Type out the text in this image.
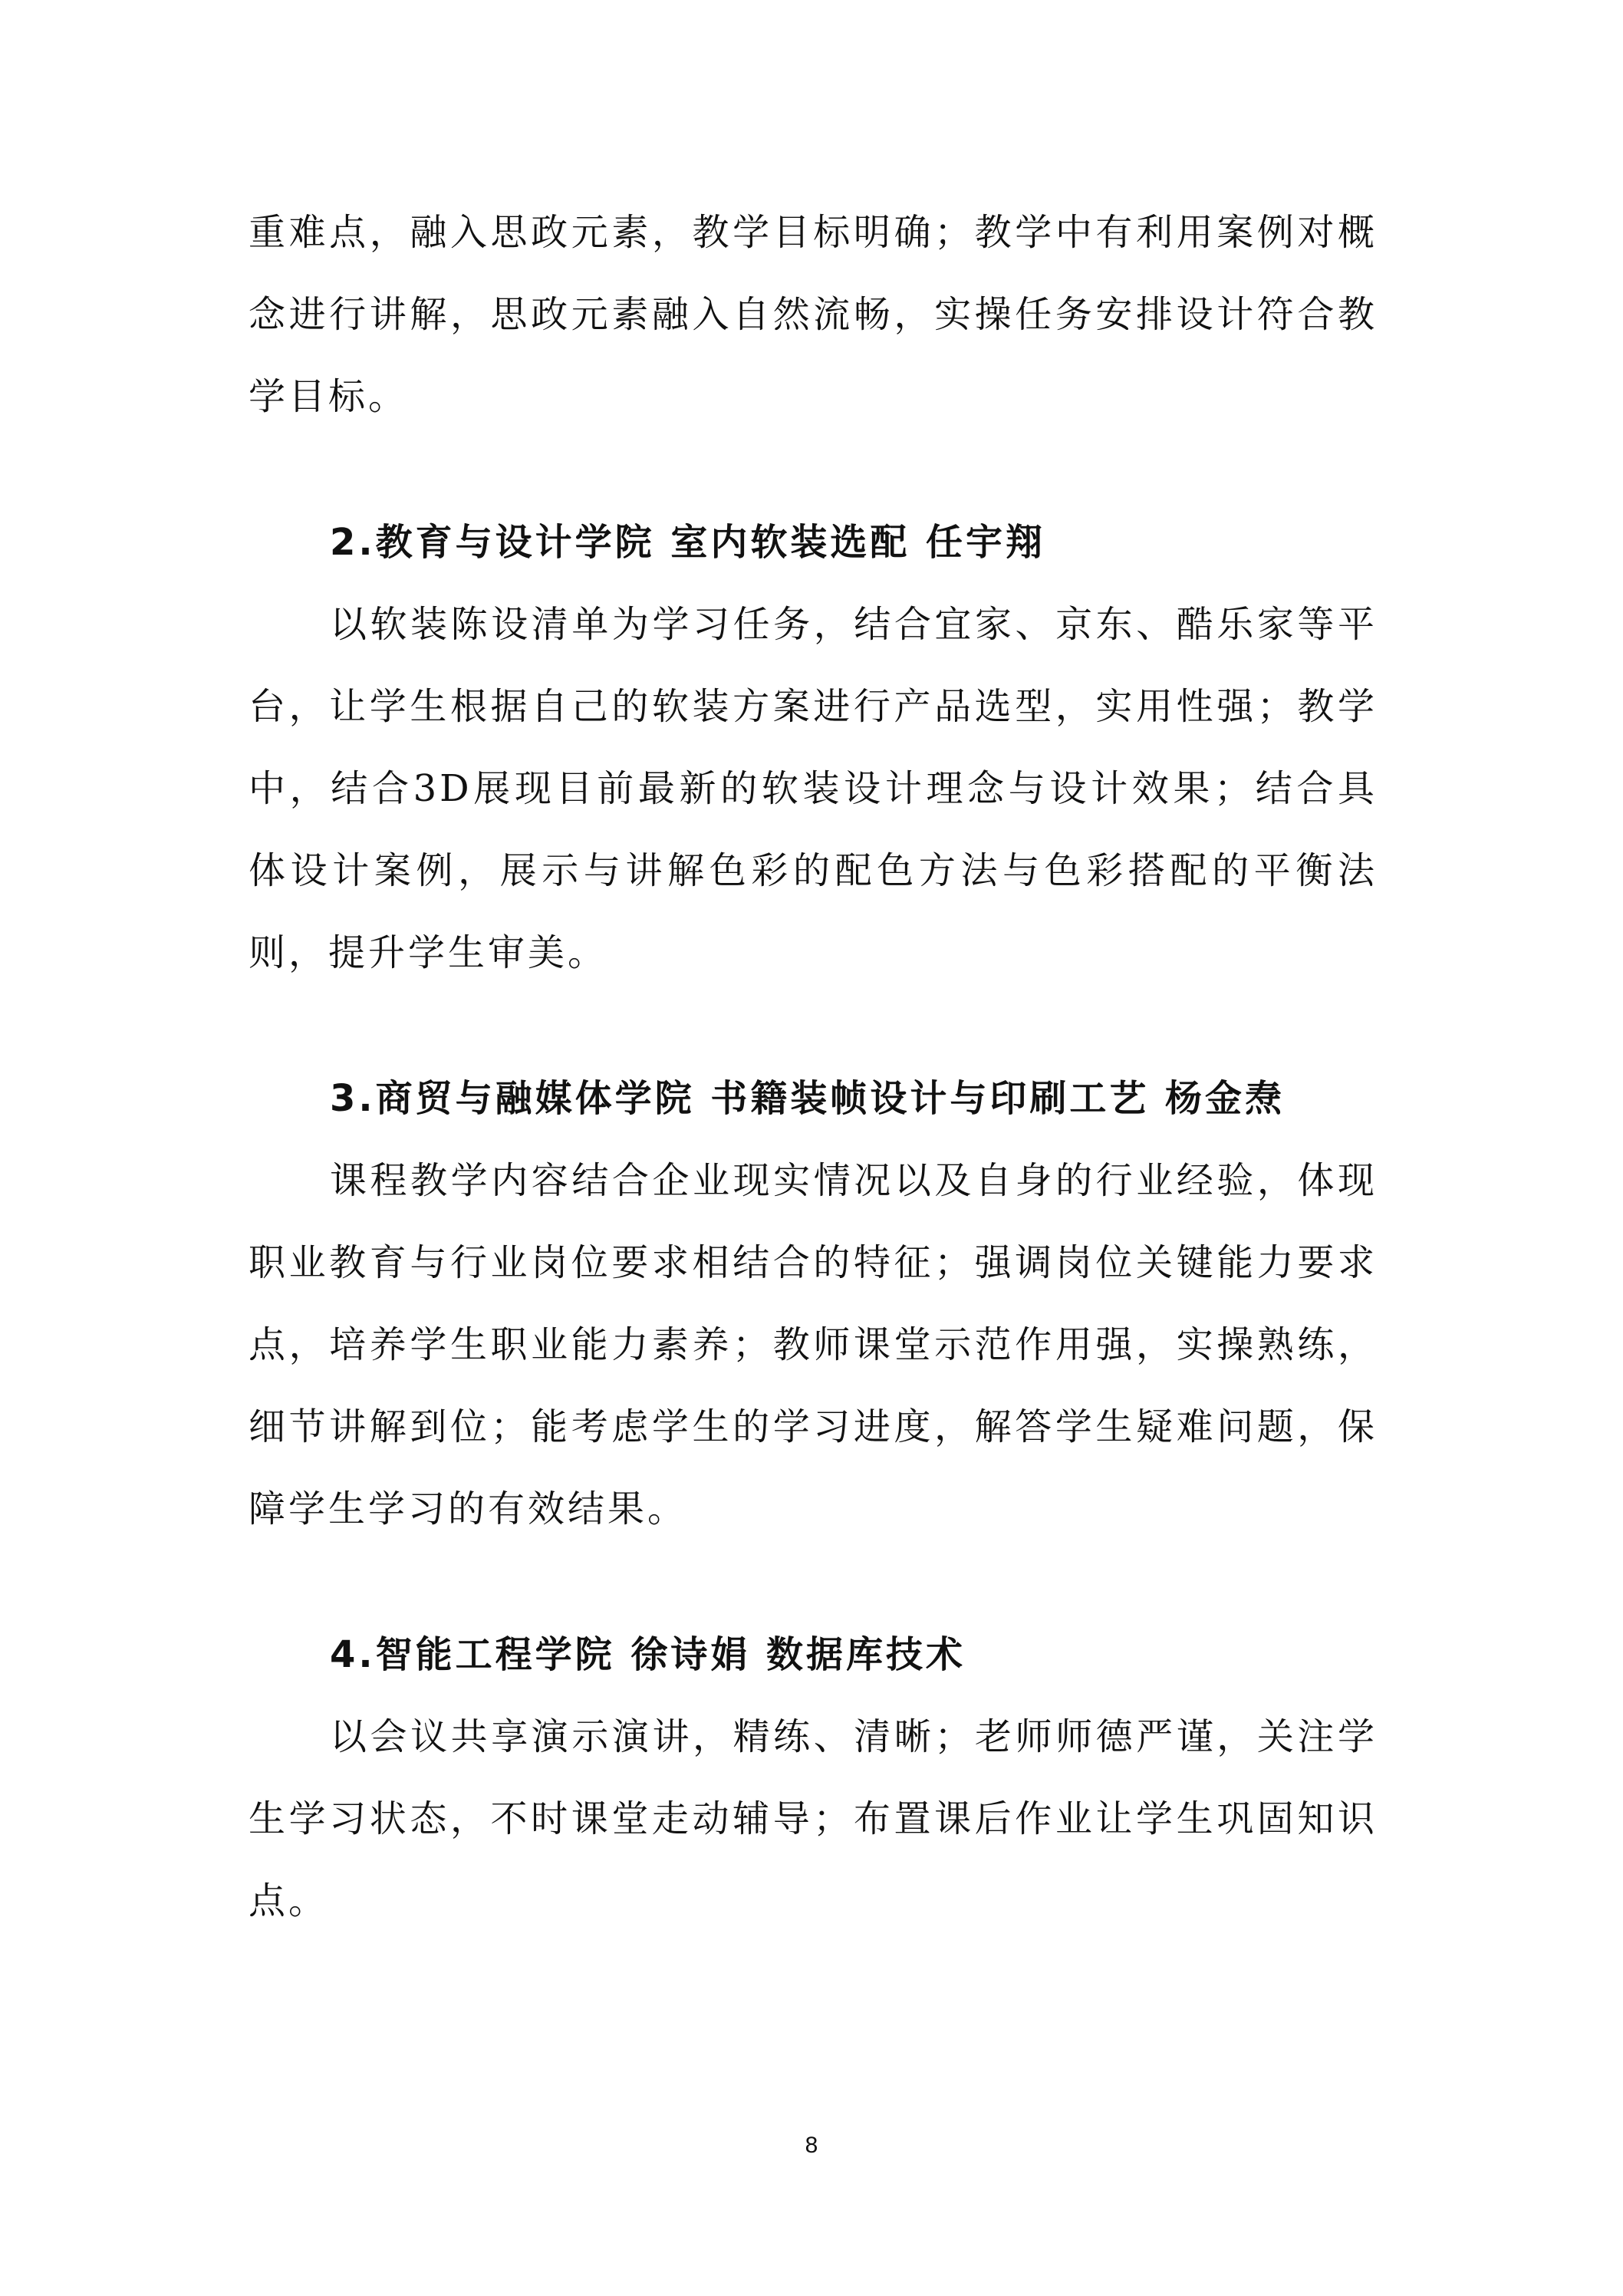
重难点，融入思政元素，教学目标明确；教学中有利用案例对概念进行讲解，思政元素融入自然流畅，实操任务安排设计符合教学目标。

2.教育与设计学院 室内软装选配 任宇翔

以软装陈设清单为学习任务，结合宜家、京东、酷乐家等平台，让学生根据自己的软装方案进行产品选型，实用性强；教学中，结合3D展现目前最新的软装设计理念与设计效果；结合具体设计案例，展示与讲解色彩的配色方法与色彩搭配的平衡法则，提升学生审美。

3.商贸与融媒体学院 书籍装帧设计与印刷工艺 杨金焘

课程教学内容结合企业现实情况以及自身的行业经验，体现职业教育与行业岗位要求相结合的特征；强调岗位关键能力要求点，培养学生职业能力素养；教师课堂示范作用强，实操熟练，细节讲解到位；能考虑学生的学习进度，解答学生疑难问题，保障学生学习的有效结果。

4.智能工程学院 徐诗娟 数据库技术

以会议共享演示演讲，精练、清晰；老师师德严谨，关注学生学习状态，不时课堂走动辅导；布置课后作业让学生巩固知识点。

8
